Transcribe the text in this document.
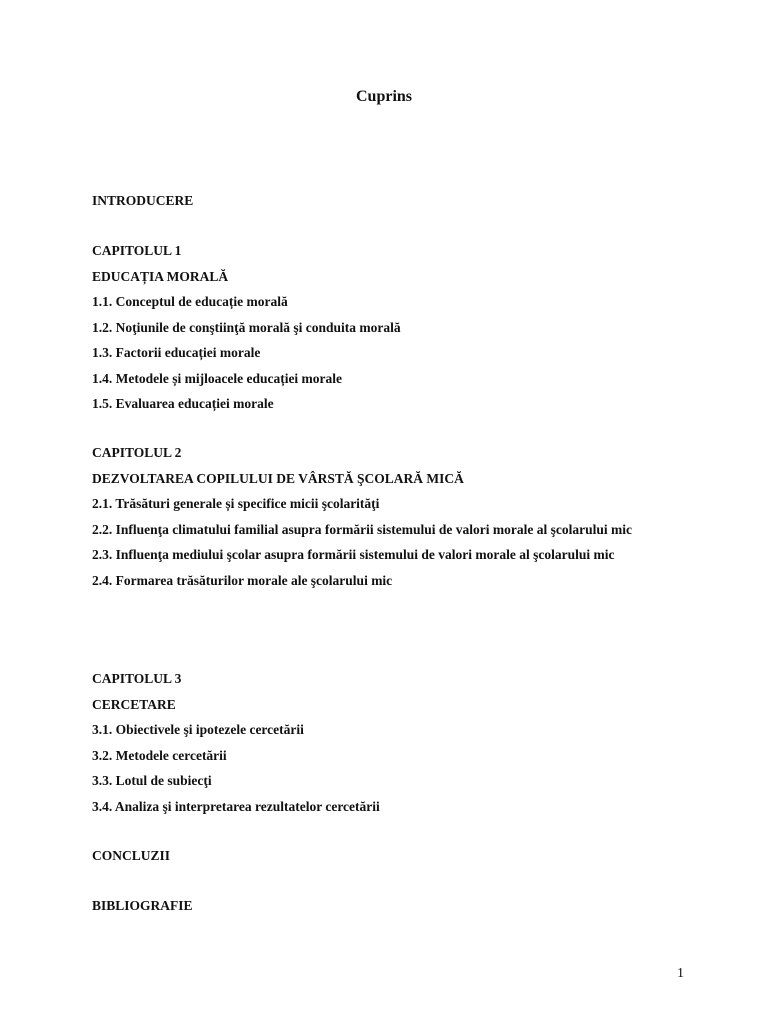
Cuprins
INTRODUCERE
CAPITOLUL 1
EDUCAȚIA MORALĂ
1.1. Conceptul de educație morală
1.2. Noţiunile de conştiinţă morală şi conduita morală
1.3. Factorii educației morale
1.4. Metodele și mijloacele educației morale
1.5. Evaluarea educației morale
CAPITOLUL 2
DEZVOLTAREA COPILULUI DE VÂRSTĂ ŞCOLARĂ MICĂ
2.1. Trăsături generale și specifice micii şcolarităţi
2.2. Influenţa climatului familial asupra formării sistemului de valori morale al şcolarului mic
2.3. Influenţa mediului şcolar asupra formării sistemului de valori morale al şcolarului mic
2.4. Formarea trăsăturilor morale ale şcolarului mic
CAPITOLUL 3
CERCETARE
3.1. Obiectivele şi ipotezele cercetării
3.2. Metodele cercetării
3.3. Lotul de subiecţi
3.4. Analiza şi interpretarea rezultatelor cercetării
CONCLUZII
BIBLIOGRAFIE
1
